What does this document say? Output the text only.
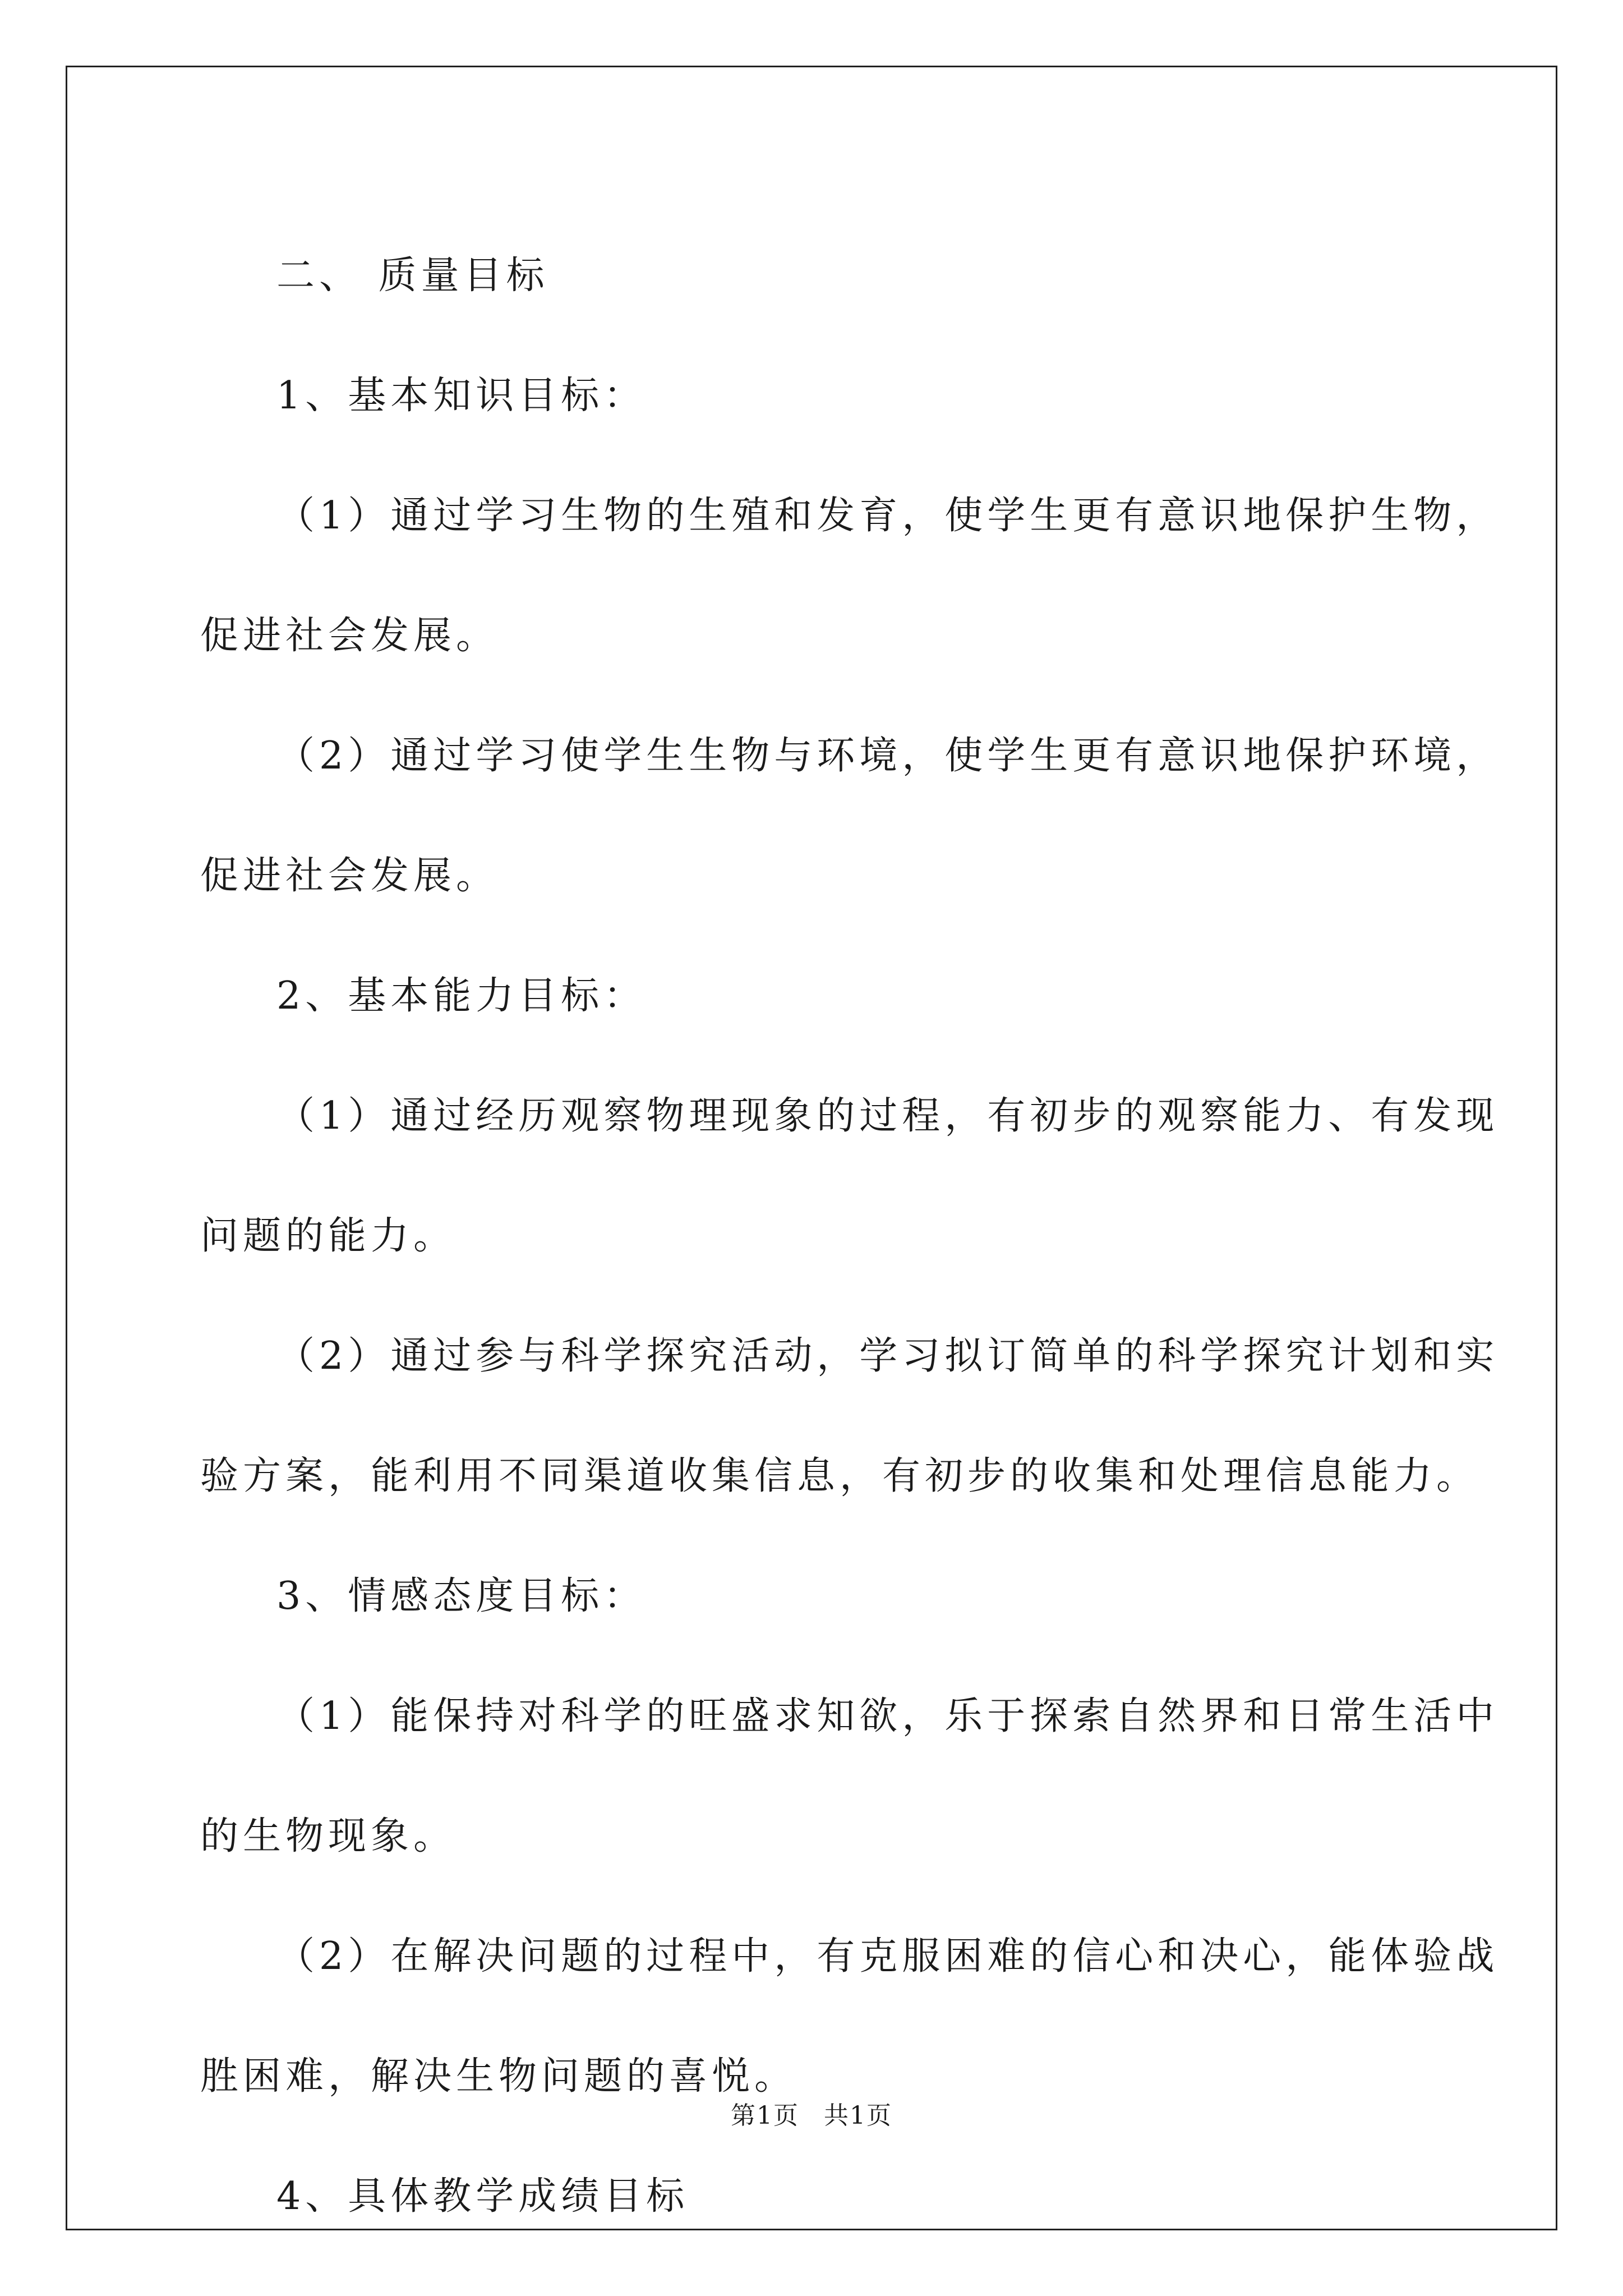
二、 质量目标

1、基本知识目标：

（1）通过学习生物的生殖和发育，使学生更有意识地保护生物，

促进社会发展。

（2）通过学习使学生生物与环境，使学生更有意识地保护环境，

促进社会发展。

2、基本能力目标：

（1）通过经历观察物理现象的过程，有初步的观察能力、有发现

问题的能力。

（2）通过参与科学探究活动，学习拟订简单的科学探究计划和实

验方案，能利用不同渠道收集信息，有初步的收集和处理信息能力。

3、情感态度目标：

（1）能保持对科学的旺盛求知欲，乐于探索自然界和日常生活中

的生物现象。

（2）在解决问题的过程中，有克服困难的信心和决心，能体验战

胜困难，解决生物问题的喜悦。

4、具体教学成绩目标

第1页 共1页
